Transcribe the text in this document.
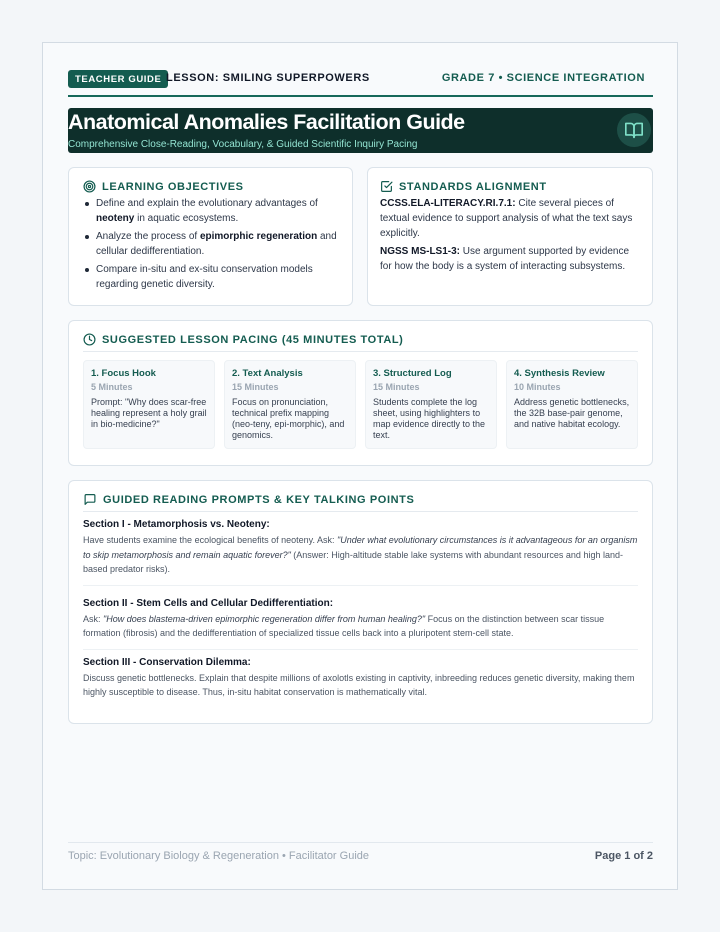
TEACHER GUIDE LESSON: SMILING SUPERPOWERS	GRADE 7 • SCIENCE INTEGRATION
Anatomical Anomalies Facilitation Guide
Comprehensive Close-Reading, Vocabulary, & Guided Scientific Inquiry Pacing
LEARNING OBJECTIVES
Define and explain the evolutionary advantages of neoteny in aquatic ecosystems.
Analyze the process of epimorphic regeneration and cellular dedifferentiation.
Compare in-situ and ex-situ conservation models regarding genetic diversity.
STANDARDS ALIGNMENT

CCSS.ELA-LITERACY.RI.7.1: Cite several pieces of textual evidence to support analysis of what the text says explicitly.

NGSS MS-LS1-3: Use argument supported by evidence for how the body is a system of interacting subsystems.

SUGGESTED LESSON PACING (45 MINUTES TOTAL)
1. Focus Hook
5 Minutes
Prompt: "Why does scar-free healing represent a holy grail in bio-medicine?"
2. Text Analysis
15 Minutes
Focus on pronunciation, technical prefix mapping (neo-teny, epi-morphic), and genomics.
3. Structured Log
15 Minutes
Students complete the log sheet, using highlighters to map evidence directly to the text.
4. Synthesis Review
10 Minutes
Address genetic bottlenecks, the 32B base-pair genome, and native habitat ecology.
GUIDED READING PROMPTS & KEY TALKING POINTS
Section I - Metamorphosis vs. Neoteny:
Have students examine the ecological benefits of neoteny. Ask: "Under what evolutionary circumstances is it advantageous for an organism to skip metamorphosis and remain aquatic forever?" (Answer: High-altitude stable lake systems with abundant resources and high land-based predator risks).
Section II - Stem Cells and Cellular Dedifferentiation:
Ask: "How does blastema-driven epimorphic regeneration differ from human healing?" Focus on the distinction between scar tissue formation (fibrosis) and the dedifferentiation of specialized tissue cells back into a pluripotent stem-cell state.
Section III - Conservation Dilemma:
Discuss genetic bottlenecks. Explain that despite millions of axolotls existing in captivity, inbreeding reduces genetic diversity, making them highly susceptible to disease. Thus, in-situ habitat conservation is mathematically vital.
Topic: Evolutionary Biology & Regeneration • Facilitator Guide	Page 1 of 2
